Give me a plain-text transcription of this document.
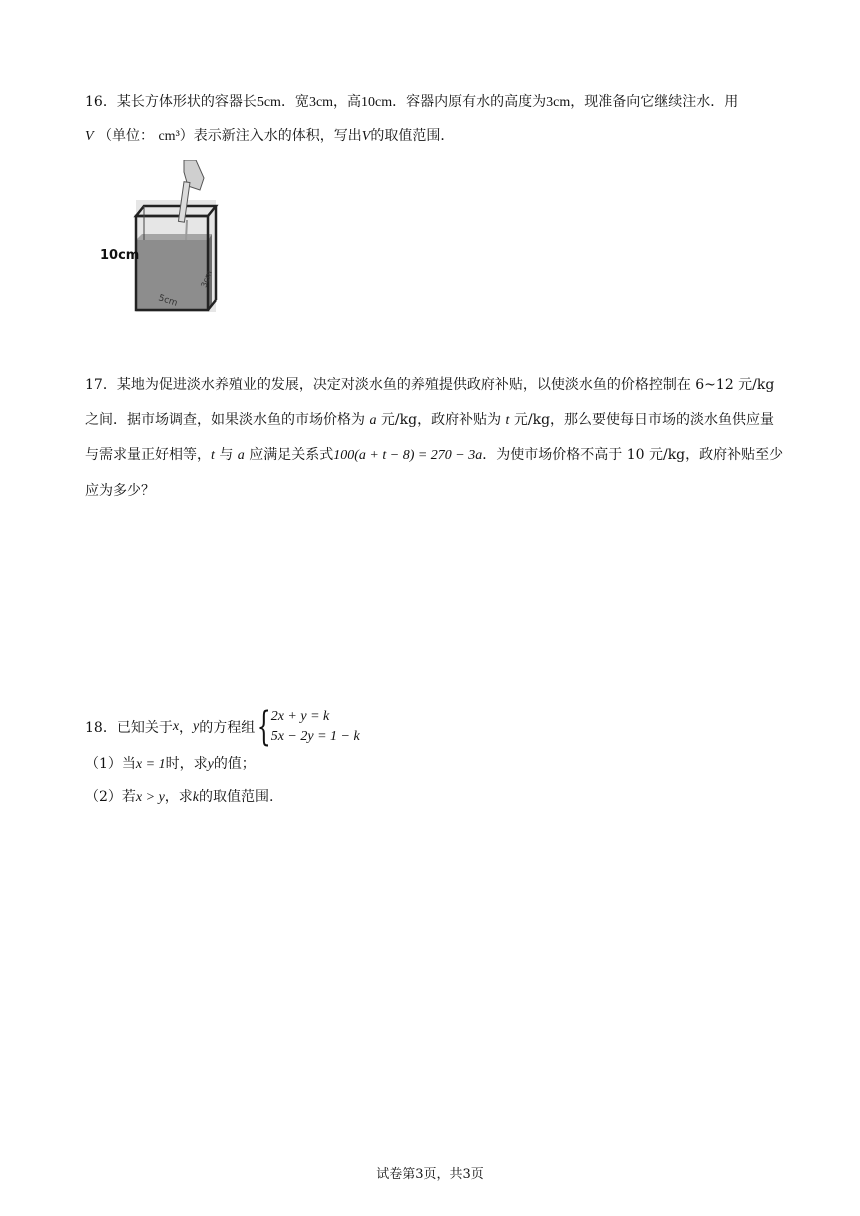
16．某长方体形状的容器长5cm．宽3cm，高10cm．容器内原有水的高度为3cm，现准备向它继续注水．用
V （单位： cm³）表示新注入水的体积，写出V的取值范围．
5cm
3cm
10cm
17．某地为促进淡水养殖业的发展，决定对淡水鱼的养殖提供政府补贴，以使淡水鱼的价格控制在 6~12 元/kg之间．据市场调查，如果淡水鱼的市场价格为 a 元/kg，政府补贴为 t 元/kg，那么要使每日市场的淡水鱼供应量与需求量正好相等，t 与 a 应满足关系式100(a + t − 8) = 270 − 3a．为使市场价格不高于 10 元/kg，政府补贴至少应为多少？
18． 已知关于 x ， y 的方程组 { 2x + y = k
5x − 2y = 1 − k
（1）当x = 1时，求y的值；
（2）若x > y，求k的取值范围.
试卷第3页，共3页
